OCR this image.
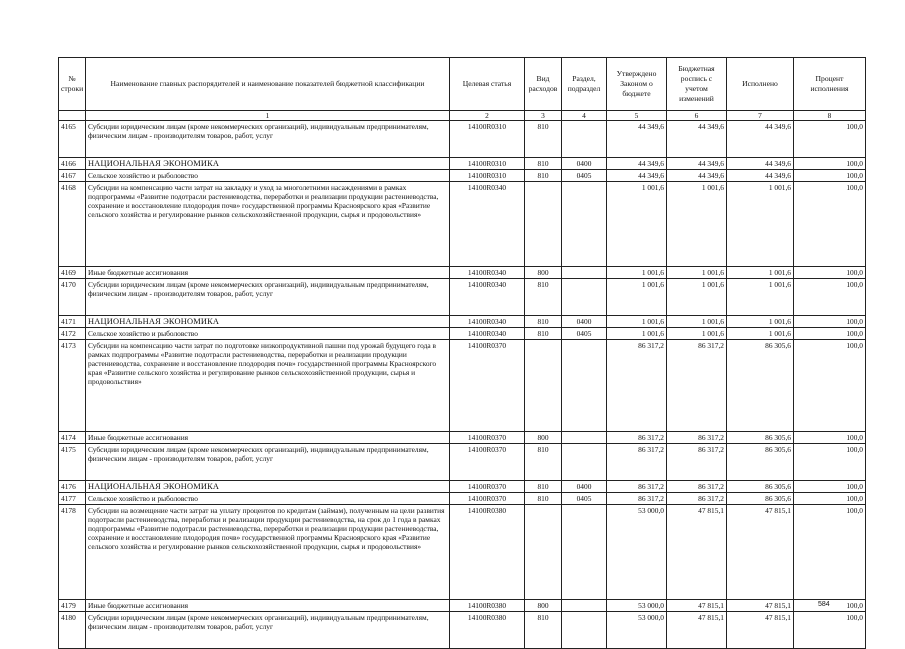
№ строки	Наименование главных распорядителей и наименование показателей бюджетной классификации	Целевая статья	Вид расходов	Раздел, подраздел	Утверждено Законом о бюджете	Бюджетная роспись с учетом изменений	Исполнено	Процент исполнения
	1	2	3	4	5	6	7	8
4165	Субсидии юридическим лицам (кроме некоммерческих организаций), индивидуальным предпринимателям, физическим лицам - производителям товаров, работ, услуг	14100R0310	810		44 349,6	44 349,6	44 349,6	100,0
4166	НАЦИОНАЛЬНАЯ ЭКОНОМИКА	14100R0310	810	0400	44 349,6	44 349,6	44 349,6	100,0
4167	Сельское хозяйство и рыболовство	14100R0310	810	0405	44 349,6	44 349,6	44 349,6	100,0
4168	Субсидии на компенсацию части затрат на закладку и уход за многолетними насаждениями в рамках подпрограммы «Развитие подотрасли растениеводства, переработки и реализации продукции растениеводства, сохранение и восстановление плодородия почв» государственной программы Красноярского края «Развитие сельского хозяйства и регулирование рынков сельскохозяйственной продукции, сырья и продовольствия»	14100R0340			1 001,6	1 001,6	1 001,6	100,0
4169	Иные бюджетные ассигнования	14100R0340	800		1 001,6	1 001,6	1 001,6	100,0
4170	Субсидии юридическим лицам (кроме некоммерческих организаций), индивидуальным предпринимателям, физическим лицам - производителям товаров, работ, услуг	14100R0340	810		1 001,6	1 001,6	1 001,6	100,0
4171	НАЦИОНАЛЬНАЯ ЭКОНОМИКА	14100R0340	810	0400	1 001,6	1 001,6	1 001,6	100,0
4172	Сельское хозяйство и рыболовство	14100R0340	810	0405	1 001,6	1 001,6	1 001,6	100,0
4173	Субсидии на компенсацию части затрат по подготовке низкопродуктивной пашни под урожай будущего года в рамках подпрограммы «Развитие подотрасли растениеводства, переработки и реализации продукции растениеводства, сохранение и восстановление плодородия почв» государственной программы Красноярского края «Развитие сельского хозяйства и регулирование рынков сельскохозяйственной продукции, сырья и продовольствия»	14100R0370			86 317,2	86 317,2	86 305,6	100,0
4174	Иные бюджетные ассигнования	14100R0370	800		86 317,2	86 317,2	86 305,6	100,0
4175	Субсидии юридическим лицам (кроме некоммерческих организаций), индивидуальным предпринимателям, физическим лицам - производителям товаров, работ, услуг	14100R0370	810		86 317,2	86 317,2	86 305,6	100,0
4176	НАЦИОНАЛЬНАЯ ЭКОНОМИКА	14100R0370	810	0400	86 317,2	86 317,2	86 305,6	100,0
4177	Сельское хозяйство и рыболовство	14100R0370	810	0405	86 317,2	86 317,2	86 305,6	100,0
4178	Субсидии на возмещение части затрат на уплату процентов по кредитам (займам), полученным на цели развития подотрасли растениеводства, переработки и реализации продукции растениеводства, на срок до 1 года в рамках подпрограммы «Развитие подотрасли растениеводства, переработки и реализации продукции растениеводства, сохранение и восстановление плодородия почв» государственной программы Красноярского края «Развитие сельского хозяйства и регулирование рынков сельскохозяйственной продукции, сырья и продовольствия»	14100R0380			53 000,0	47 815,1	47 815,1	100,0
4179	Иные бюджетные ассигнования	14100R0380	800		53 000,0	47 815,1	47 815,1	100,0
4180	Субсидии юридическим лицам (кроме некоммерческих организаций), индивидуальным предпринимателям, физическим лицам - производителям товаров, работ, услуг	14100R0380	810		53 000,0	47 815,1	47 815,1	100,0
584
